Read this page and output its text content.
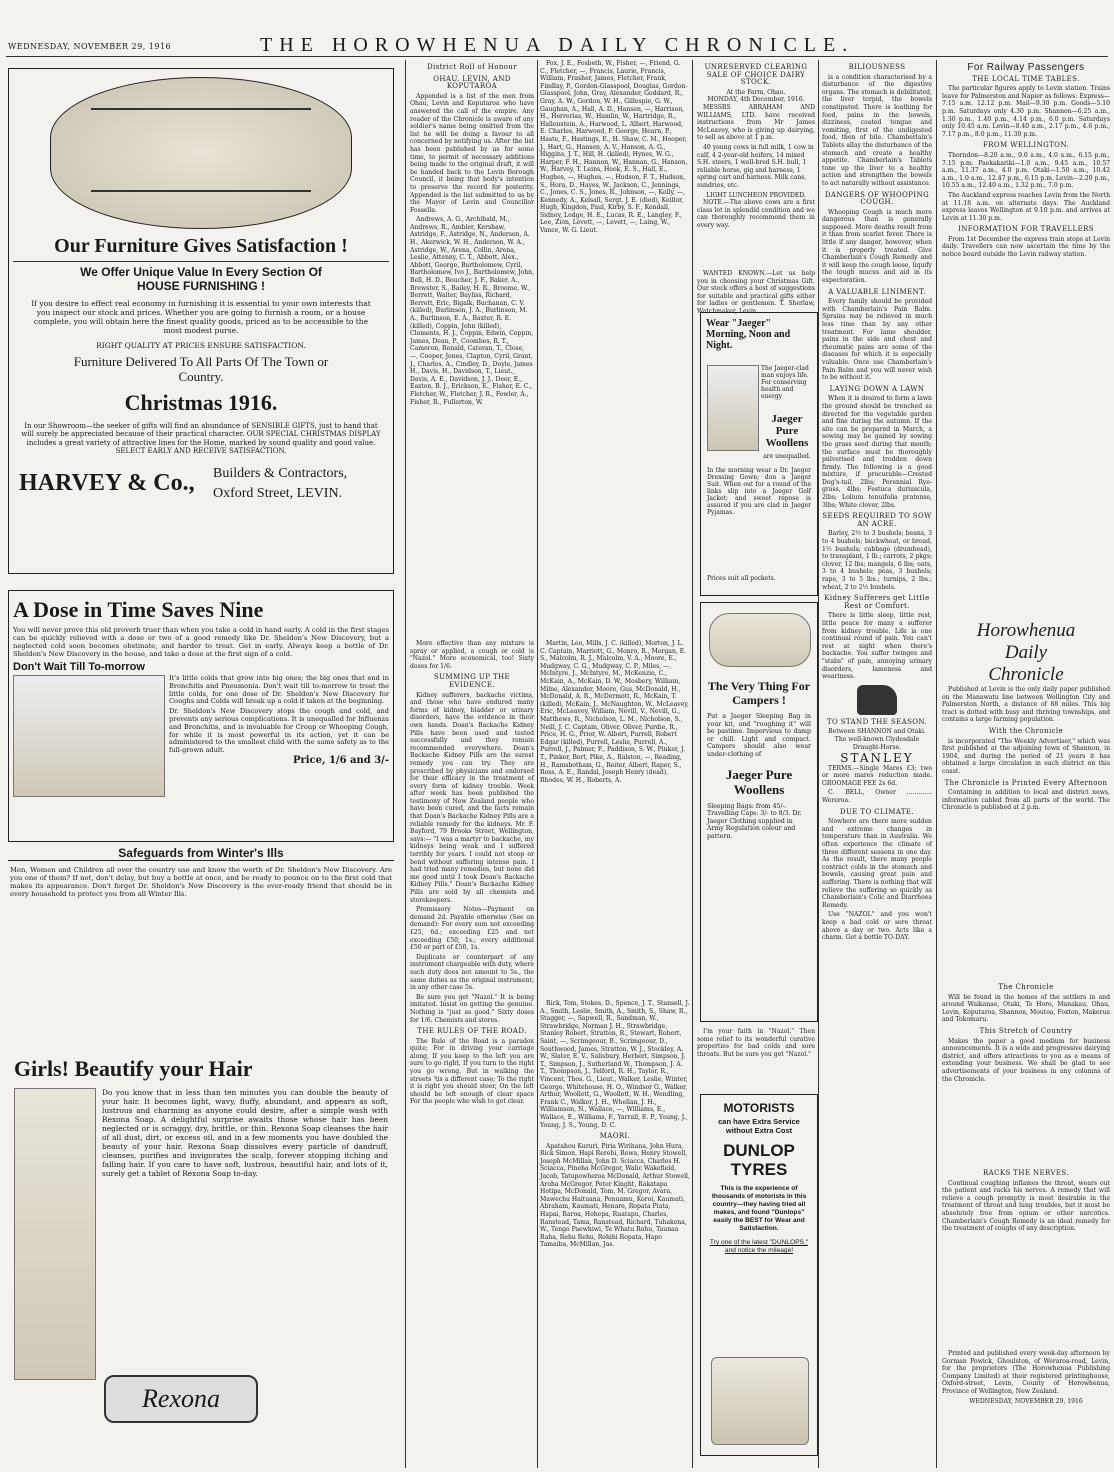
WEDNESDAY, NOVEMBER 29, 1916	THE HOROWHENUA DAILY CHRONICLE.
Our Furniture Gives Satisfaction !
We Offer Unique Value In Every Section Of
HOUSE FURNISHING !
If you desire to effect real economy in furnishing it is essential to your own interests that you inspect our stock and prices. Whether you are going to furnish a room, or a house complete, you will obtain here the finest quality goods, priced as to be accessible to the most modest purse.
RIGHT QUALITY AT PRICES ENSURE SATISFACTION.
Furniture Delivered To All Parts Of The Town or Country.
Christmas 1916.
In our Showroom—the seeker of gifts will find an abundance of SENSIBLE GIFTS, just to hand that will surely be appreciated because of their practical character. OUR SPECIAL CHRISTMAS DISPLAY includes a great variety of attractive lines for the Home, marked by sound quality and good value. SELECT EARLY AND RECEIVE SATISFACTION.
HARVEY & Co., Builders & Contractors,
Oxford Street, LEVIN.
A Dose in Time Saves Nine
You will never prove this old proverb truer than when you take a cold in hand early. A cold in the first stages can be quickly relieved with a dose or two of a good remedy like Dr. Sheldon's New Discovery, but a neglected cold soon becomes obstinate, and harder to treat. Get in early. Always keep a bottle of Dr. Sheldon's New Discovery in the house, and take a dose at the first sign of a cold.
Don't Wait Till To-morrow
It's little colds that grow into big ones; the big ones that end in Bronchitis and Pneumonia. Don't wait till to-morrow to treat the little colds, for one dose of Dr. Sheldon's New Discovery for Coughs and Colds will break up a cold if taken at the beginning.
Dr. Sheldon's New Discovery stops the cough and cold, and prevents any serious complications. It is unequalled for Influenza and Bronchitis, and is invaluable for Croup or Whooping Cough, for while it is most powerful in its action, yet it can be administered to the smallest child with the same safety as to the full-grown adult.
Price, 1/6 and 3/-
Safeguards from Winter's Ills
Men, Women and Children all over the country use and know the worth of Dr. Sheldon's New Discovery. Are you one of them? If not, don't delay, but buy a bottle at once, and be ready to pounce on to the first cold that makes its appearance. Don't forget Dr. Sheldon's New Discovery is the ever-ready friend that should be in every household to protect you from all Winter Ills.
Girls! Beautify your Hair
Do you know that in less than ten minutes you can double the beauty of your hair. It becomes light, wavy, fluffy, abundant, and appears as soft, lustrous and charming as anyone could desire, after a simple wash with Rexona Soap. A delightful surprise awaits those whose hair has been neglected or is scraggy, dry, brittle, or thin. Rexona Soap cleanses the hair of all dust, dirt, or excess oil, and in a few moments you have doubled the beauty of your hair. Rexona Soap dissolves every particle of dandruff, cleanses, purifies and invigorates the scalp, forever stopping itching and falling hair. If you care to have soft, lustrous, beautiful hair, and lots of it, surely get a tablet of Rexona Soap to-day.
Rexona
District Roll of Honour
OHAU, LEVIN, AND KOPUTAROA

Appended is a list of the men from Ohau, Levin and Koputaroa who have answered the call of the empire. Any reader of the Chronicle is aware of any soldier's name being omitted from the list he will be doing a favour to all concerned by notifying us. After the list has been published by us for some time, to permit of necessary additions being made to the original draft, it will be handed back to the Levin Borough Council, it being that body's intention to preserve the record for posterity. Appended is the list submitted to us by the Mayor of Levin and Councillor Fossella.

Andrews, A. G., Archibald, M., Andrews, R., Ambler, Kershaw, Astridge, F., Astridge, N., Andersen, A. H., Akerwick, W. H., Anderson, W. A., Astridge, W., Arena, Collin, Arena, Leslie, Attenny, C. T., Abbott, Alex., Abbott, George, Bartholomew, Cyril, Bartholomew, Ivo J., Bartholomew, John, Bell, H. D., Boucher, J. F., Baker, A., Brewster, S., Bailey, H. R., Broome, W., Berrett, Walter, Bayliss, Richard, Berrett, Eric, Bigalk, Buchanan, C. V. (killed), Burlinson, J. A., Burlinson, M. A., Burlinson, E. A., Baxter, R. E. (killed), Coppin, John (killed), Clements, H. J., Coppin, Edwin, Coppin, James, Dean, P., Coombes, R. T., Cameron, Ronald, Cateran, T., Close, —, Cooper, Jones, Clapton, Cyril, Grant, J., Charles, A., Cindley, D., Doyle, James H., Davis, H., Davidson, T., Lieut., Davis, A. E., Davidson, J. J., Deer, E., Easton, B. J., Erickson, E., Fisher, E. C., Fletcher, W., Fletcher, J. R., Fowler, A., Fisher, R., Fullerton, W.

More effective than any mixture is spray or applied, a cough or cold is "Nazol." More economical, too! Sixty doses for 1/6.

SUMMING UP THE EVIDENCE.

Kidney sufferers, backache victims, and those who have endured many forms of kidney, bladder or urinary disorders, have the evidence in their own hands. Doan's Backache Kidney Pills have been used and tested successfully and they remain recommended everywhere. Doan's Backache Kidney Pills are the surest remedy you can try. They are prescribed by physicians and endorsed for their efficacy in the treatment of every form of kidney trouble. Week after week has been published the testimony of New Zealand people who have been cured, and the facts remain that Doan's Backache Kidney Pills are a reliable remedy for the kidneys. Mr. F. Bayford, 79 Brooks Street, Wellington, says:— "I was a martyr to backache, my kidneys being weak and I suffered terribly for years. I could not stoop or bend without suffering intense pain. I had tried many remedies, but none did me good until I took Doan's Backache Kidney Pills." Doan's Backache Kidney Pills are sold by all chemists and storekeepers.

Promissory Notes—Payment on demand 2d. Payable otherwise (See on demand): For every sum not exceeding £25, 6d.; exceeding £25 and not exceeding £50, 1s.; every additional £50 or part of £50, 1s.

Duplicate or counterpart of any instrument chargeable with duty, where such duty does not amount to 5s., the same duties as the original instrument; in any other case 5s.

Be sure you get "Nazol." It is being imitated. Insist on getting the genuine. Nothing is "just as good." Sixty doses for 1/6. Chemists and stores.

THE RULES OF THE ROAD.

The Rule of the Road is a paradox quite; For in driving your carriage along, If you keep to the left you are sure to go right, If you turn to the right you go wrong. But in walking the streets 'tis a different case; To the right it is right you should steer, On the left should be left enough of clear space For the people who wish to get clear.

Fox, J. E., Fosbeth, W., Fisher, —, Friend, G. C., Fletcher, —, Francis, Laurie, Francis, William, Frasher, James, Fletcher, Frank, Findlay, P., Gordon-Glasspool, Douglas, Gordon-Glasspool, John, Gray, Alexander, Goddard, R., Gray, A. W., Gordon, W. H., Gillespie, G. W., Gaughan, A., Hall, A. D., Hansen, —, Harrison, H., Herrerias, W., Hamlin, W., Hartridge, R., Hallenstein, A., Harwood, L. Albert, Harwood, E. Charles, Harwood, F. George, Hearn, P., Haste, F., Hastings, E., H. Shaw, C. M., Hooper, J., Hart, G., Hansen, A. V., Hanson, A. G., Higgins, J. T., Hill, H. (killed), Hynes, W. G., Harper, F. H., Hannon, W., Hannan, G., Hanson, W., Harvey, T. Leins, Hook, E. S., Hall, E., Hughes, —, Hughes, —, Hudson, F. T., Hudson, S., Hora, D., Hayes, W., Jackson, C., Jennings, C., Jones, C. S., Jones, R., Johnson, —, Kelly, —, Kennedy, A., Kelsall, Sergt. J. E. (died), Keillor, Hugh, Kingdon, Paul, Kirby, S. F., Kendall, Sidney, Lodge, H. E., Lucas, R. E., Langley, F., Lee, Zion, Levett, —, Levett, —, Laing, W., Vance, W. G. Lieut.

Martin, Leo, Mills, J. C. (killed), Morton, J. L. C. Captain, Marriott, G., Monro, R., Morgan, E. S., Malcolm, R. J., Malcolm, V. A., Moore, E., Mudgway, C. G., Mudgway, C. P., Miles, —, McIntyre, J., McIntyre, M., McKenzie, C., McKain, A., McKain, D. W., Mosbery, William, Milne, Alexander, Moore, Gus, McDonald, H., McDonald, A. R., McDermott, R., McKain, T. (killed), McKain, J., McNaughton, W., McLeavey, Eric, McLeavey, William, Nevill, V., Nevill, G., Matthews, R., Nicholson, L. M., Nicholson, S., Neill, J. C. Captain, Oliver, Oliver, Purdie, R., Price, H. G., Prior, W. Albert, Purrell, Robert Edgar (killed), Purrell, Leslie, Purrell, A., Purrell, J., Palmer, F., Paddison, S. W., Pinker, J. T., Pinker, Bert, Pike, A., Ralston, —, Reading, H., Ramsbotham, G., Reiter, Albert, Raper, S., Ross, A. E., Randal, Joseph Henry (dead), Rhodes, W. H., Roberts, A.

Rick, Tom, Stokes, D., Spence, J. T., Stansell, J. A., Smith, Leslie, Smith, A., Smith, S., Shaw, R., Stagger, —, Sapwell, R., Sandman, W., Strawbridge, Norman J. H., Strawbridge, Stanley Robert, Stratton, R., Stewart, Robert, Saint, —, Scrimgeour, B., Scrimgeour, D., Southwood, James, Stratton, W. J., Stockley, A. W., Slater, E. V., Salisbury, Herbert, Simpson, J. T., Simpson, J., Sutherland W., Thompson, J. A. T., Thompson, J., Telford, R. H., Taylor, R., Vincent, Thos. G., Lieut., Walker, Leslie, Winter, George, Whitehouse, H. O., Windsor G., Walker, Arthur, Woollett, G., Woollett, W. H., Wendling, Frank C., Walker, J. H., Whellan, J. H., Williamson, N., Wallace, —, Williams, E., Wallace, E., Williams, F., Yarrall, E. P., Young, J., Young, J. S., Young, D. C.

MAORI.

Apatahou Kururi, Piria Wirihana, John Hura, Rick Simon, Hapi Rerehi, Rewa, Henry Stowell, Joseph McMillan, John D. Sciacca, Charles H. Sciacca, Pineha McGregor, Walic Wakefield, Jacob, Tatupowheroa McDonald, Arthur Stowell, Aroha McGregor, Peter Kinght, Rakatapa Hotipa, McDonald, Tom, M. Gregor, Avara, Mawechu Haituana, Penuamu, Koroi, Kaumati, Abraham, Kaumati, Henare, Ropata Piata, Hapai, Raroa, Hohepa, Ruatapu, Charles, Ranstead, Tama, Ranstead, Richard, Tuhakena, W., Tengo Paewhiwi, Te Whatu Rohu, Taunaa Raha, Rehu Rehu, Rohihi Ropata, Hapo Tamaiba, McMillan, Jas.

UNRESERVED CLEARING SALE OF CHOICE DAIRY STOCK.
At the Farm, Ohau.
MONDAY, 4th December, 1916.

MESSRS ABRAHAM AND WILLIAMS, LTD. have received instructions from Mr James McLeavey, who is giving up dairying, to sell as above at 1 p.m.

40 young cows in full milk, 1 cow in calf, 4 2-year-old heifers, 14 mixed S.H. steers, 1 well-bred S.H. bull, 1 reliable horse, gig and harness, 1 spring cart and harness. Milk cans, sundries, etc.

LIGHT LUNCHEON PROVIDED.

NOTE.—The above cows are a first class lot in splendid condition and we can thoroughly recommend them in every way.

WANTED KNOWN.—Let us help you in choosing your Christmas Gift. Our stock offers a host of suggestions for suitable and practical gifts either for ladies or gentlemen. T. Sherlaw, Watchmaker, Levin.

Wear "Jaeger" Morning, Noon and Night.
The Jaeger-clad man enjoys life. For conserving health and energy
Jaeger Pure Woollens
are unequalled.
In the morning wear a Dr. Jaeger Dressing Gown; don a Jaeger Suit. When out for a round of the links slip into a Jaeger Golf Jacket; and sweet repose is assured if you are clad in Jaeger Pyjamas.
Prices suit all pockets.
The Very Thing For Campers !
Put a Jaeger Sleeping Bag in your kit, and "roughing it" will be pastime. Impervious to damp or chill. Light and compact. Campers should also wear under-clothing of
Jaeger Pure Woollens
Sleeping Bags: from 45/-. Travelling Caps: 3/- to 8/3. Dr. Jaeger Clothing supplied in Army Regulation colour and pattern.

I'm your faith in "Nazol." Then some relief to its wonderful curative properties for bad colds and sore throats. But be sure you get "Nazol."

MOTORISTS
can have Extra Service without Extra Cost
DUNLOP TYRES
This is the experience of thousands of motorists in this country—they having tried all makes, and found "Dunlops" easily the BEST for Wear and Satisfaction.
Try one of the latest "DUNLOPS," and notice the mileage!
For Railway Passengers
THE LOCAL TIME TABLES.

The particular figures apply to Levin station. Trains leave for Palmerston and Napier as follows: Express—7.15 a.m. 12.12 p.m. Mail—9.30 p.m. Goods—5.10 p.m. Saturdays only 4.30 p.m. Shannon—6.25 a.m., 1.30 p.m., 1.40 p.m., 4.14 p.m., 6.0 p.m. Saturdays only 10.45 a.m. Levin—8.40 a.m., 2.17 p.m., 4.6 p.m., 7.17 p.m., 8.0 p.m., 11.30 p.m.

FROM WELLINGTON.

Thorndon—8.20 a.m., 9.0 a.m., 4.0 a.m., 6.15 p.m., 7.15 p.m. Paekakariki—1.0 a.m., 9.45 a.m., 10.57 a.m., 11.37 a.m., 4.0 p.m. Otaki—1.50 a.m., 10.42 a.m., 1.0 a.m., 12.47 p.m., 6.15 p.m. Levin—2.20 p.m., 10.55 a.m., 12.40 a.m., 1.32 p.m., 7.0 p.m.

The Auckland express reaches Levin from the North at 11.18 a.m. on alternate days. The Auckland express leaves Wellington at 9.10 p.m. and arrives at Levin at 11.30 p.m.

INFORMATION FOR TRAVELLERS

From 1st December the express train stops at Levin daily. Travellers can now ascertain the time by the notice board outside the Levin railway station.

Horowhenua
Daily
Chronicle

Published at Levin is the only daily paper published on the Manawatu line between Wellington City and Palmerston North, a distance of 88 miles. This big tract is dotted with busy and thriving townships, and contains a large farming population.

With the Chronicle

is incorporated "The Weekly Advertiser," which was first published at the adjoining town of Shannon, in 1904, and during the period of 21 years it has obtained a large circulation in each district on this coast.

The Chronicle is Printed Every Afternoon

Containing in addition to local and district news, information cabled from all parts of the world. The Chronicle is published at 2 p.m.

The Chronicle

Will be found in the homes of the settlers in and around Waikanae, Otaki, Te Horo, Manakau, Ohau, Levin, Koputaroa, Shannon, Moutoa, Foxton, Makerua and Tokomaru.

This Stretch of Country

Makes the paper a good medium for business announcements. It is a wide and progressive dairying district, and offers attractions to you as a means of extending your business. We shall be glad to see advertisements of your business in any columns of the Chronicle.

RACKS THE NERVES.

Continual coughing inflames the throat, wears out the patient and racks his nerves. A remedy that will relieve a cough promptly is most desirable in the treatment of throat and lung troubles, but it must be absolutely free from opium or other narcotics. Chamberlain's Cough Remedy is an ideal remedy for the treatment of coughs of any description.

Printed and published every week-day afternoon by Gorman Powick, Ghoulston, of Weraroa-road, Levin, for the proprietors (The Horowhenua Publishing Company Limited) at their registered printinghouse, Oxford-street, Levin, County of Horowhenua, Province of Wellington, New Zealand.

WEDNESDAY, NOVEMBER 29, 1916
BILIOUSNESS

is a condition characterised by a disturbance of the digestive organs. The stomach is debilitated, the liver torpid, the bowels constipated. There is loathing for food, pains in the bowels, dizziness, coated tongue and vomiting, first of the undigested food, then of bile. Chamberlain's Tablets allay the disturbance of the stomach and create a healthy appetite. Chamberlain's Tablets tone up the liver to a healthy action and strengthen the bowels to act naturally without assistance.

DANGERS OF WHOOPING COUGH.

Whooping Cough is much more dangerous than is generally supposed. More deaths result from it than from scarlet fever. There is little if any danger, however, when it is properly treated. Give Chamberlain's Cough Remedy and it will keep the cough loose, liquify the tough mucus and aid in its expectoration.

A VALUABLE LINIMENT.

Every family should be provided with Chamberlain's Pain Balm. Sprains may be relieved in much less time than by any other treatment. For lame shoulder, pains in the side and chest and rheumatic pains are some of the diseases for which it is especially valuable. Once use Chamberlain's Pain Balm and you will never wish to be without it.

LAYING DOWN A LAWN

When it is desired to form a lawn the ground should be trenched as directed for the vegetable garden and fine during the autumn. If the site can be prepared in March, a sowing may be gained by sowing the grass seed during that month; the surface must be thoroughly pulverised and trodden down firmly. The following is a good mixture, if procurable—Crested Dog's-tail, 2lbs; Perennial Rye-grass, 4lbs; Festuca duriuscula, 2lbs; Lolium tenuifolia pratense, 3lbs; White clover, 2lbs.

SEEDS REQUIRED TO SOW AN ACRE.

Barley, 2½ to 3 bushels; beans, 3 to 4 bushels; buckwheat, or broad, 1½ bushels; cabbage (drumhead), to transplant, 1 lb.; carrots, 2 pkgs; clover, 12 lbs; mangels, 6 lbs; oats, 3 to 4 bushels; peas, 3 bushels; rape, 3 to 5 lbs.; turnips, 2 lbs.; wheat, 2 to 2½ bushels.

Kidney Sufferers get Little Rest or Comfort.

There is little sleep, little rest, little peace for many a sufferer from kidney trouble. Life is one continual round of pain. You can't rest at night when there's backache. You suffer twinges and "stabs" of pain, annoying urinary disorders, lameness and weariness.

TO STAND THE SEASON.
Between SHANNON and Otaki.
The well-known Clydesdale Draught-Horse.
STANLEY

TERMS.—Single Mares £3; two or more mares reduction made. GROOMAGE FEE 2s 6d.

C. BELL, Owner ............. Wereroa.

DUE TO CLIMATE.

Nowhere are there more sudden and extreme changes in temperature than in Australia. We often experience the climate of three different seasons in one day. As the result, there many people contract colds in the stomach and bowels, causing great pain and suffering. There is nothing that will relieve the suffering so quickly as Chamberlain's Colic and Diarrhoea Remedy.

Use "NAZOL" and you won't keep a bad cold or sore throat above a day or two. Acts like a charm. Get a bottle TO-DAY.
